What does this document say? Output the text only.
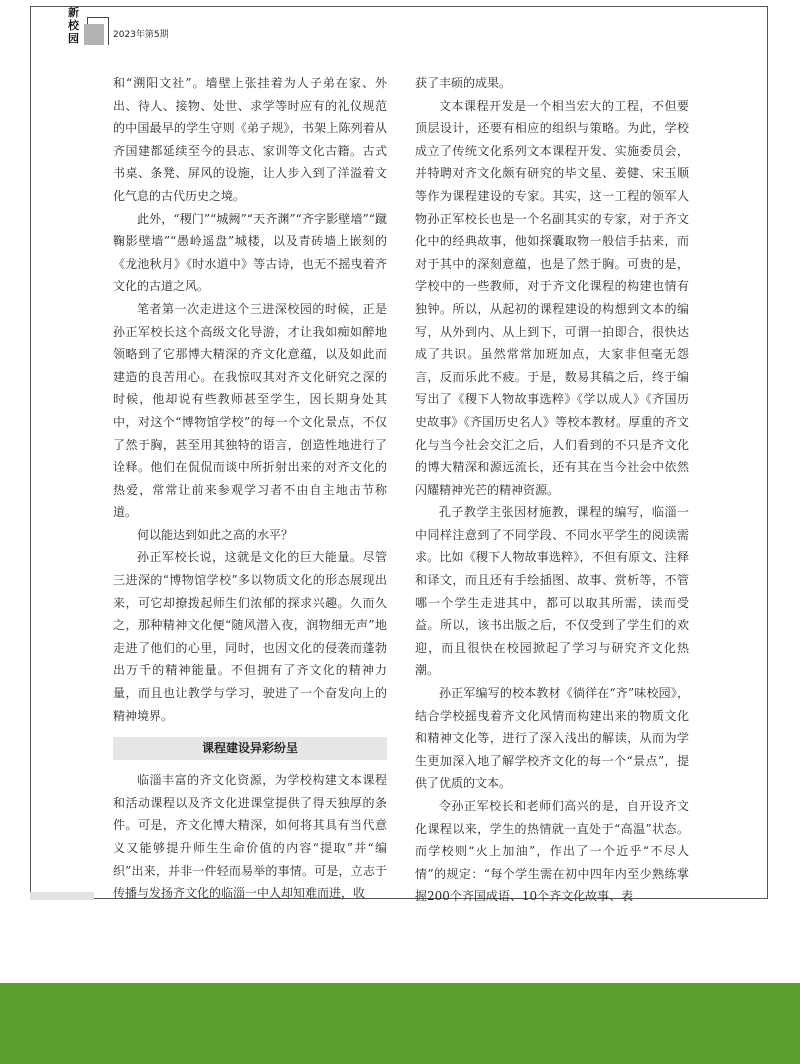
新
校
园	2023年第5期

和“溯阳文社”。墙壁上张挂着为人子弟在家、外出、待人、接物、处世、求学等时应有的礼仪规范的中国最早的学生守则《弟子规》，书架上陈列着从齐国建都延续至今的县志、家训等文化古籍。古式书桌、条凳、屏风的设施，让人步入到了洋溢着文化气息的古代历史之境。

此外，“稷门”“城阙”“天齐渊”“齐字影壁墙”“蹴鞠影壁墙”“愚岭遥盘”城楼，以及青砖墙上嵌刻的《龙池秋月》《时水道中》等古诗，也无不摇曳着齐文化的古道之风。

笔者第一次走进这个三进深校园的时候，正是孙正军校长这个高级文化导游，才让我如痴如醉地领略到了它那博大精深的齐文化意蕴，以及如此而建造的良苦用心。在我惊叹其对齐文化研究之深的时候，他却说有些教师甚至学生，因长期身处其中，对这个“博物馆学校”的每一个文化景点，不仅了然于胸，甚至用其独特的语言，创造性地进行了诠释。他们在侃侃而谈中所折射出来的对齐文化的热爱，常常让前来参观学习者不由自主地击节称道。

何以能达到如此之高的水平？

孙正军校长说，这就是文化的巨大能量。尽管三进深的“博物馆学校”多以物质文化的形态展现出来，可它却撩拨起师生们浓郁的探求兴趣。久而久之，那种精神文化便“随风潜入夜，润物细无声”地走进了他们的心里，同时，也因文化的侵袭而蓬勃出万千的精神能量。不但拥有了齐文化的精神力量，而且也让教学与学习，驶进了一个奋发向上的精神境界。

课程建设异彩纷呈

临淄丰富的齐文化资源，为学校构建文本课程和活动课程以及齐文化进课堂提供了得天独厚的条件。可是，齐文化博大精深，如何将其具有当代意义又能够提升师生生命价值的内容“提取”并“编织”出来，并非一件轻而易举的事情。可是，立志于传播与发扬齐文化的临淄一中人却知难而进，收

获了丰硕的成果。

文本课程开发是一个相当宏大的工程，不但要顶层设计，还要有相应的组织与策略。为此，学校成立了传统文化系列文本课程开发、实施委员会，并特聘对齐文化颇有研究的毕文星、姜健、宋玉顺等作为课程建设的专家。其实，这一工程的领军人物孙正军校长也是一个名副其实的专家，对于齐文化中的经典故事，他如探囊取物一般信手拈来，而对于其中的深刻意蕴，也是了然于胸。可贵的是，学校中的一些教师，对于齐文化课程的构建也情有独钟。所以，从起初的课程建设的构想到文本的编写，从外到内、从上到下，可谓一拍即合，很快达成了共识。虽然常常加班加点，大家非但毫无怨言，反而乐此不疲。于是，数易其稿之后，终于编写出了《稷下人物故事选粹》《学以成人》《齐国历史故事》《齐国历史名人》等校本教材。厚重的齐文化与当今社会交汇之后，人们看到的不只是齐文化的博大精深和源远流长，还有其在当今社会中依然闪耀精神光芒的精神资源。

孔子教学主张因材施教，课程的编写，临淄一中同样注意到了不同学段、不同水平学生的阅读需求。比如《稷下人物故事选粹》，不但有原文、注释和译文，而且还有手绘插图、故事、赏析等，不管哪一个学生走进其中，都可以取其所需，读而受益。所以，该书出版之后，不仅受到了学生们的欢迎，而且很快在校园掀起了学习与研究齐文化热潮。

孙正军编写的校本教材《徜徉在“齐”味校园》，结合学校摇曳着齐文化风情而构建出来的物质文化和精神文化等，进行了深入浅出的解读，从而为学生更加深入地了解学校齐文化的每一个“景点”，提供了优质的文本。

令孙正军校长和老师们高兴的是，自开设齐文化课程以来，学生的热情就一直处于“高温”状态。而学校则“火上加油”，作出了一个近乎“不尽人情”的规定：“每个学生需在初中四年内至少熟练掌握200个齐国成语、10个齐文化故事、表
